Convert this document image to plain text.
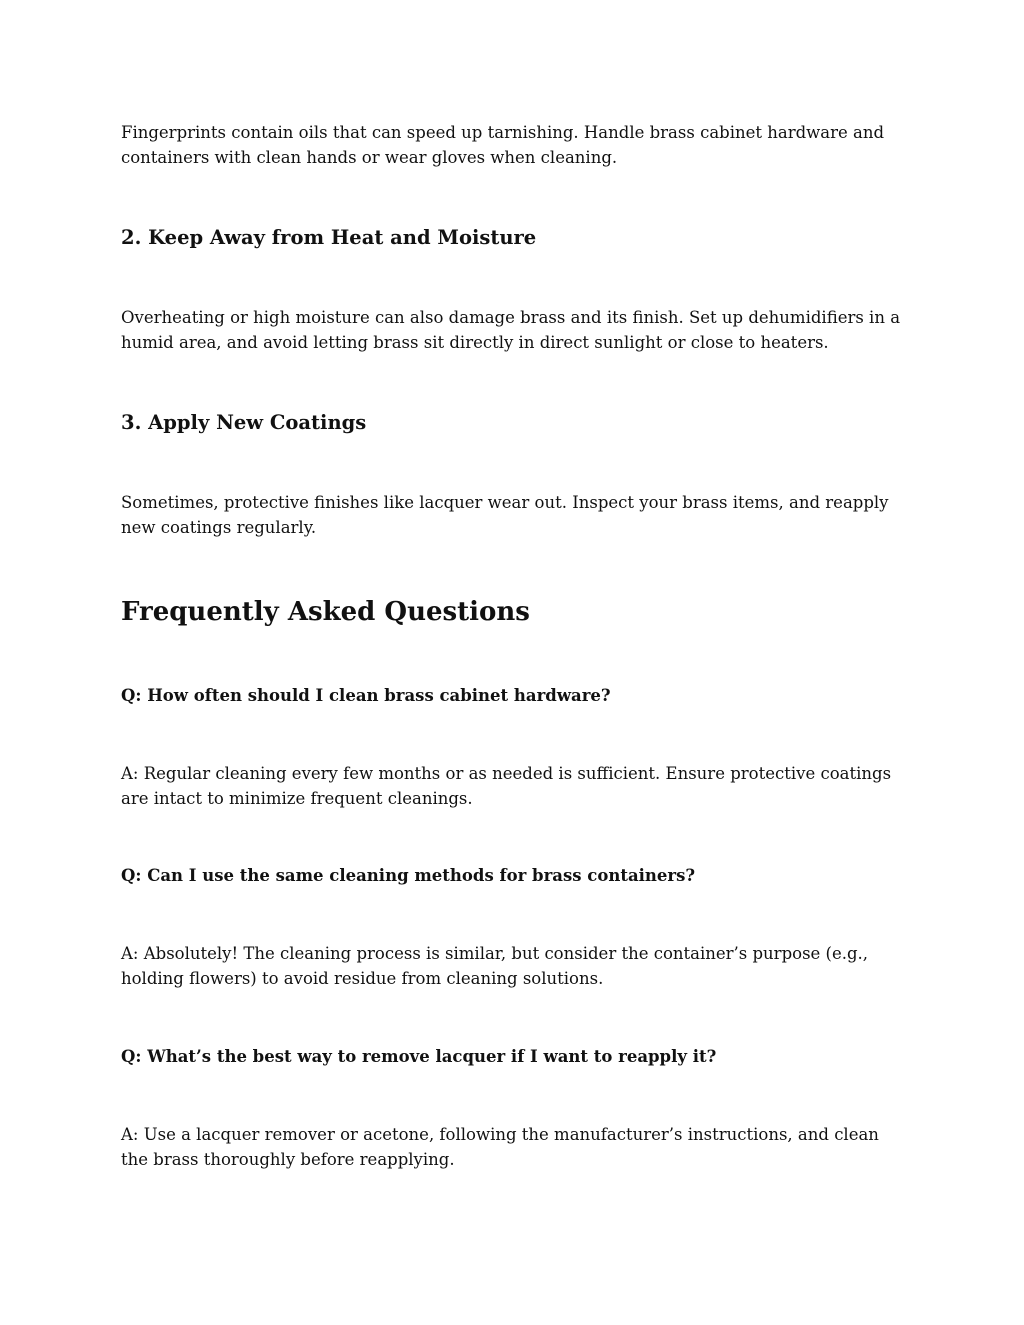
Fingerprints contain oils that can speed up tarnishing. Handle brass cabinet hardware and containers with clean hands or wear gloves when cleaning.

2. Keep Away from Heat and Moisture

Overheating or high moisture can also damage brass and its finish. Set up dehumidifiers in a humid area, and avoid letting brass sit directly in direct sunlight or close to heaters.

3. Apply New Coatings

Sometimes, protective finishes like lacquer wear out. Inspect your brass items, and reapply new coatings regularly.

Frequently Asked Questions

Q: How often should I clean brass cabinet hardware?

A: Regular cleaning every few months or as needed is sufficient. Ensure protective coatings are intact to minimize frequent cleanings.

Q: Can I use the same cleaning methods for brass containers?

A: Absolutely! The cleaning process is similar, but consider the container’s purpose (e.g., holding flowers) to avoid residue from cleaning solutions.

Q: What’s the best way to remove lacquer if I want to reapply it?

A: Use a lacquer remover or acetone, following the manufacturer’s instructions, and clean the brass thoroughly before reapplying.
